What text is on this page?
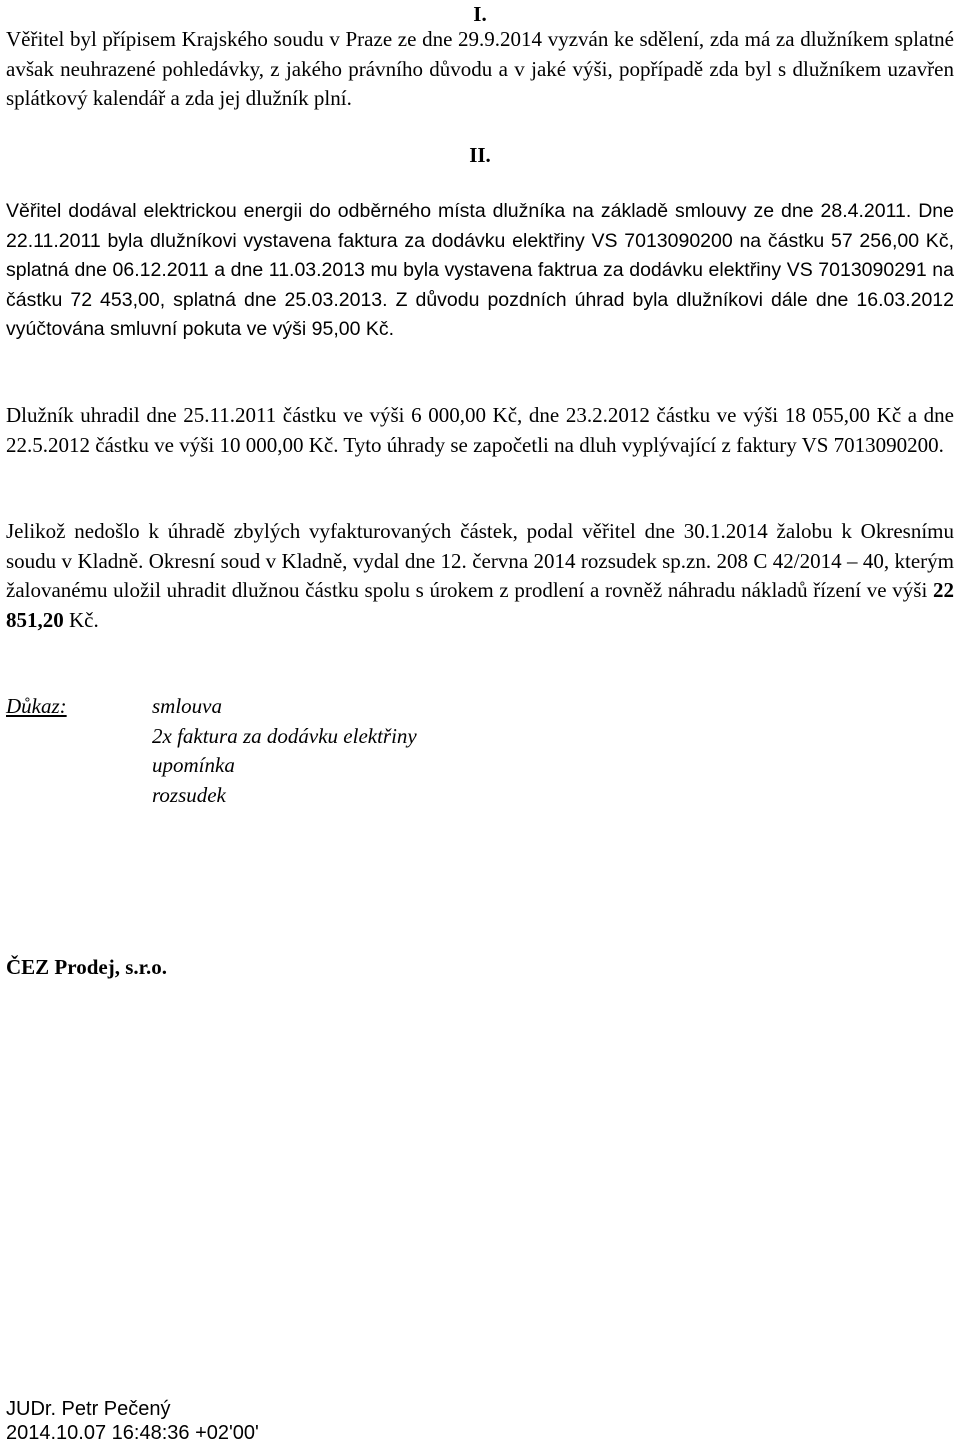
I.

Věřitel byl přípisem Krajského soudu v Praze ze dne 29.9.2014 vyzván ke sdělení, zda má za dlužníkem splatné avšak neuhrazené pohledávky, z jakého právního důvodu a v jaké výši, popřípadě zda byl s dlužníkem uzavřen splátkový kalendář a zda jej dlužník plní.

II.

Věřitel dodával elektrickou energii do odběrného místa dlužníka na základě smlouvy ze dne 28.4.2011. Dne 22.11.2011 byla dlužníkovi vystavena faktura za dodávku elektřiny VS 7013090200 na částku 57 256,00 Kč, splatná dne 06.12.2011 a dne 11.03.2013 mu byla vystavena faktrua za dodávku elektřiny VS 7013090291 na částku 72 453,00, splatná dne 25.03.2013. Z důvodu pozdních úhrad byla dlužníkovi dále dne 16.03.2012 vyúčtována smluvní pokuta ve výši 95,00 Kč.

Dlužník uhradil dne 25.11.2011 částku ve výši 6 000,00 Kč, dne 23.2.2012 částku ve výši 18 055,00 Kč a dne 22.5.2012 částku ve výši 10 000,00 Kč. Tyto úhrady se započetli na dluh vyplývající z faktury VS 7013090200.

Jelikož nedošlo k úhradě zbylých vyfakturovaných částek, podal věřitel dne 30.1.2014 žalobu k Okresnímu soudu v Kladně. Okresní soud v Kladně, vydal dne 12. června 2014 rozsudek sp.zn. 208 C 42/2014 – 40, kterým žalovanému uložil uhradit dlužnou částku spolu s úrokem z prodlení a rovněž náhradu nákladů řízení ve výši 22 851,20 Kč.

Důkaz:	smlouva
2x faktura za dodávku elektřiny
upomínka
rozsudek
ČEZ Prodej, s.r.o.
JUDr. Petr Pečený
2014.10.07 16:48:36 +02'00'
